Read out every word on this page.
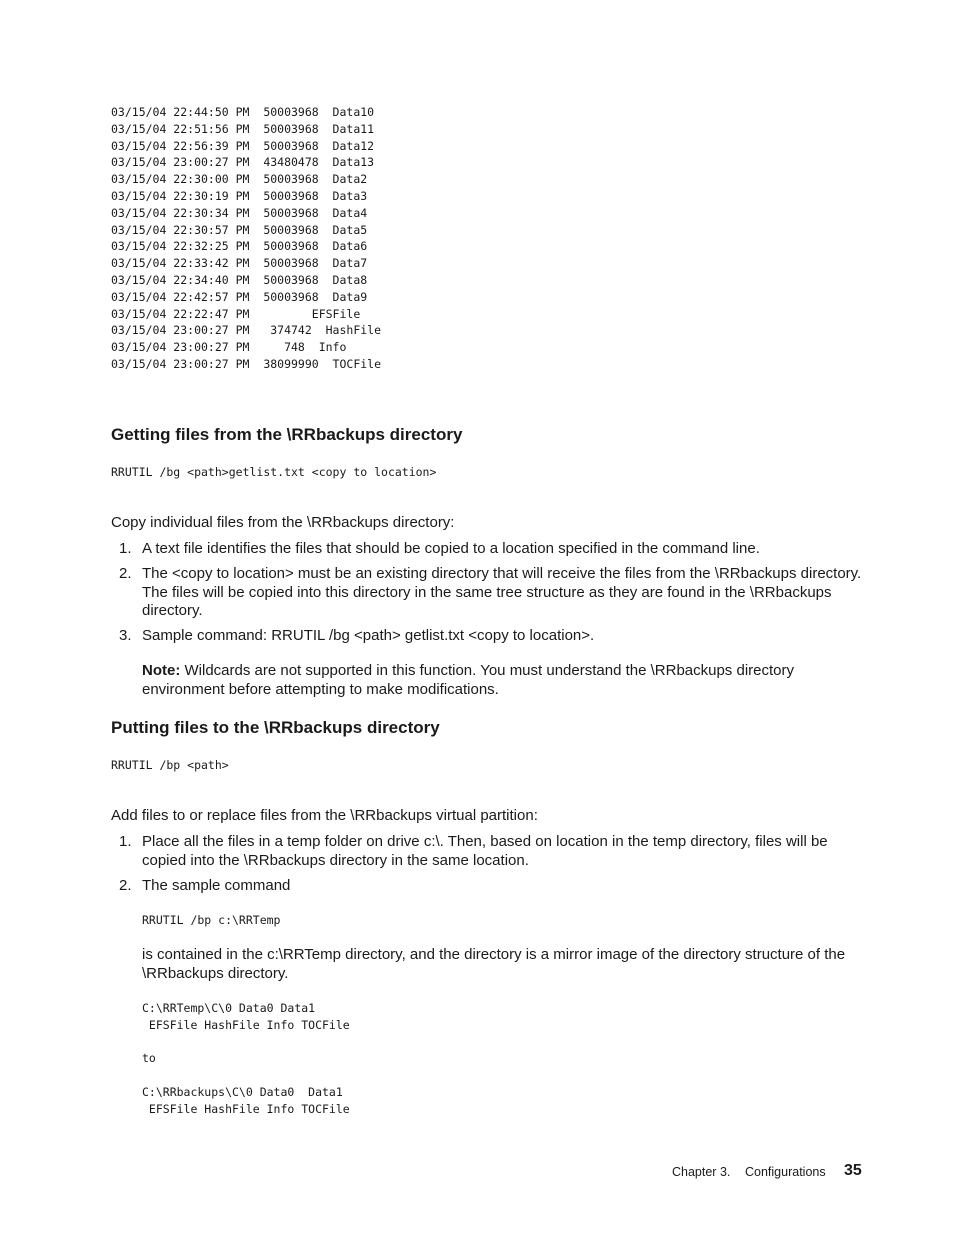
03/15/04 22:44:50 PM  50003968  Data10
03/15/04 22:51:56 PM  50003968  Data11
03/15/04 22:56:39 PM  50003968  Data12
03/15/04 23:00:27 PM  43480478  Data13
03/15/04 22:30:00 PM  50003968  Data2
03/15/04 22:30:19 PM  50003968  Data3
03/15/04 22:30:34 PM  50003968  Data4
03/15/04 22:30:57 PM  50003968  Data5
03/15/04 22:32:25 PM  50003968  Data6
03/15/04 22:33:42 PM  50003968  Data7
03/15/04 22:34:40 PM  50003968  Data8
03/15/04 22:42:57 PM  50003968  Data9
03/15/04 22:22:47 PM         EFSFile
03/15/04 23:00:27 PM   374742  HashFile
03/15/04 23:00:27 PM     748  Info
03/15/04 23:00:27 PM  38099990  TOCFile
Getting files from the \RRbackups directory
RRUTIL /bg <path>getlist.txt <copy to location>

Copy individual files from the \RRbackups directory:

1. A text file identifies the files that should be copied to a location specified in the command line.
2. The <copy to location> must be an existing directory that will receive the files from the \RRbackups directory. The files will be copied into this directory in the same tree structure as they are found in the \RRbackups directory.
3. Sample command: RRUTIL /bg <path> getlist.txt <copy to location>.

Note: Wildcards are not supported in this function. You must understand the \RRbackups directory environment before attempting to make modifications.

Putting files to the \RRbackups directory
RRUTIL /bp <path>

Add files to or replace files from the \RRbackups virtual partition:

1. Place all the files in a temp folder on drive c:\. Then, based on location in the temp directory, files will be copied into the \RRbackups directory in the same location.
2. The sample command
RRUTIL /bp c:\RRTemp

is contained in the c:\RRTemp directory, and the directory is a mirror image of the directory structure of the \RRbackups directory.

C:\RRTemp\C\0 Data0 Data1
EFSFile HashFile Info TOCFile
to
C:\RRbackups\C\0 Data0  Data1
EFSFile HashFile Info TOCFile
Chapter 3. Configurations 35
